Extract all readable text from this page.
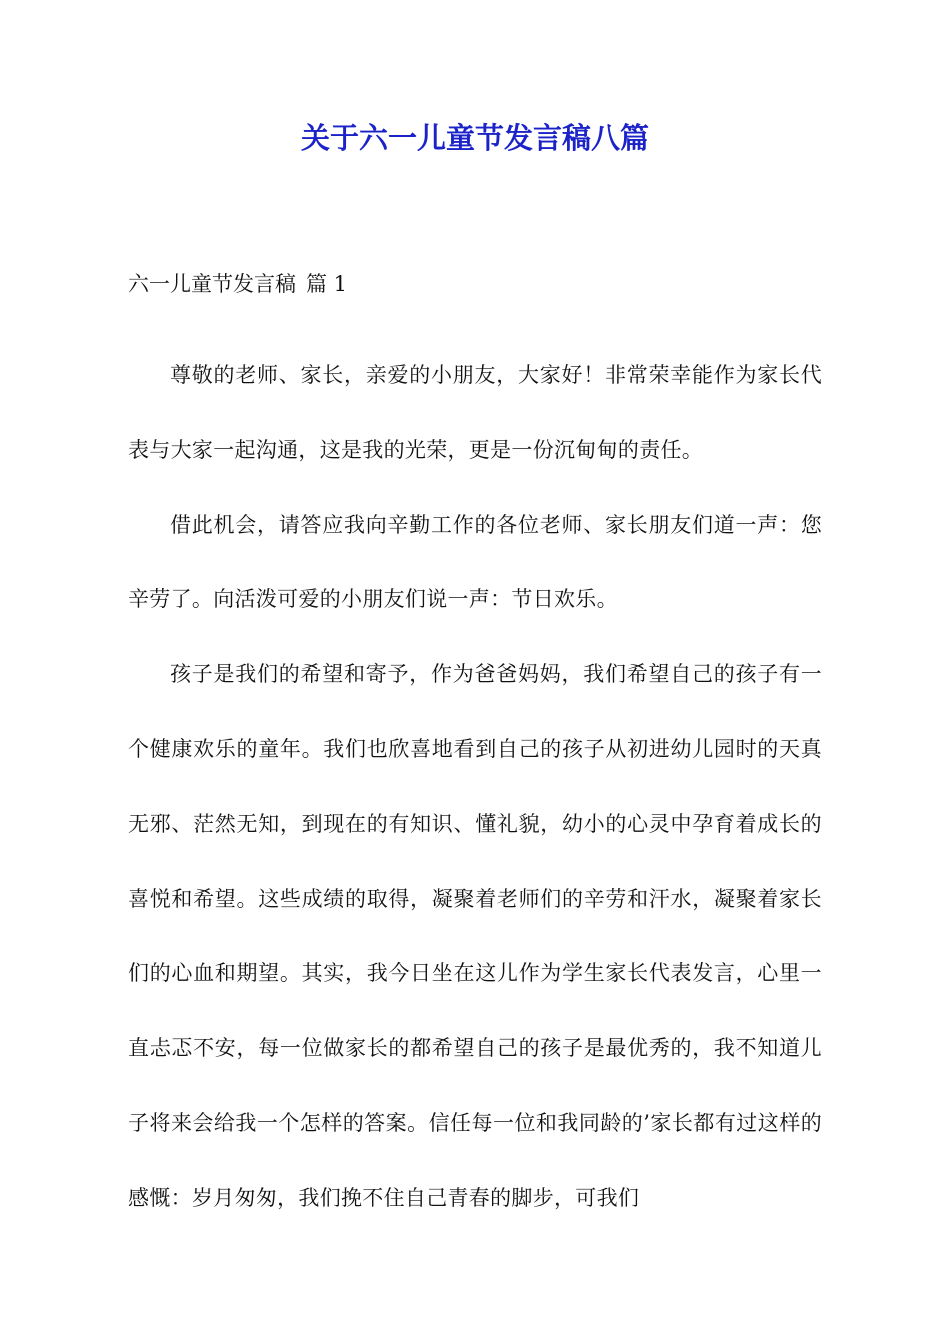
关于六一儿童节发言稿八篇
六一儿童节发言稿 篇 1

尊敬的老师、家长，亲爱的小朋友，大家好！非常荣幸能作为家长代表与大家一起沟通，这是我的光荣，更是一份沉甸甸的责任。

借此机会，请答应我向辛勤工作的各位老师、家长朋友们道一声：您辛劳了。向活泼可爱的小朋友们说一声：节日欢乐。

孩子是我们的希望和寄予，作为爸爸妈妈，我们希望自己的孩子有一个健康欢乐的童年。我们也欣喜地看到自己的孩子从初进幼儿园时的天真无邪、茫然无知，到现在的有知识、懂礼貌，幼小的心灵中孕育着成长的喜悦和希望。这些成绩的取得，凝聚着老师们的辛劳和汗水，凝聚着家长们的心血和期望。其实，我今日坐在这儿作为学生家长代表发言，心里一直忐忑不安，每一位做家长的都希望自己的孩子是最优秀的，我不知道儿子将来会给我一个怎样的答案。信任每一位和我同龄的’家长都有过这样的感慨：岁月匆匆，我们挽不住自己青春的脚步，可我们
